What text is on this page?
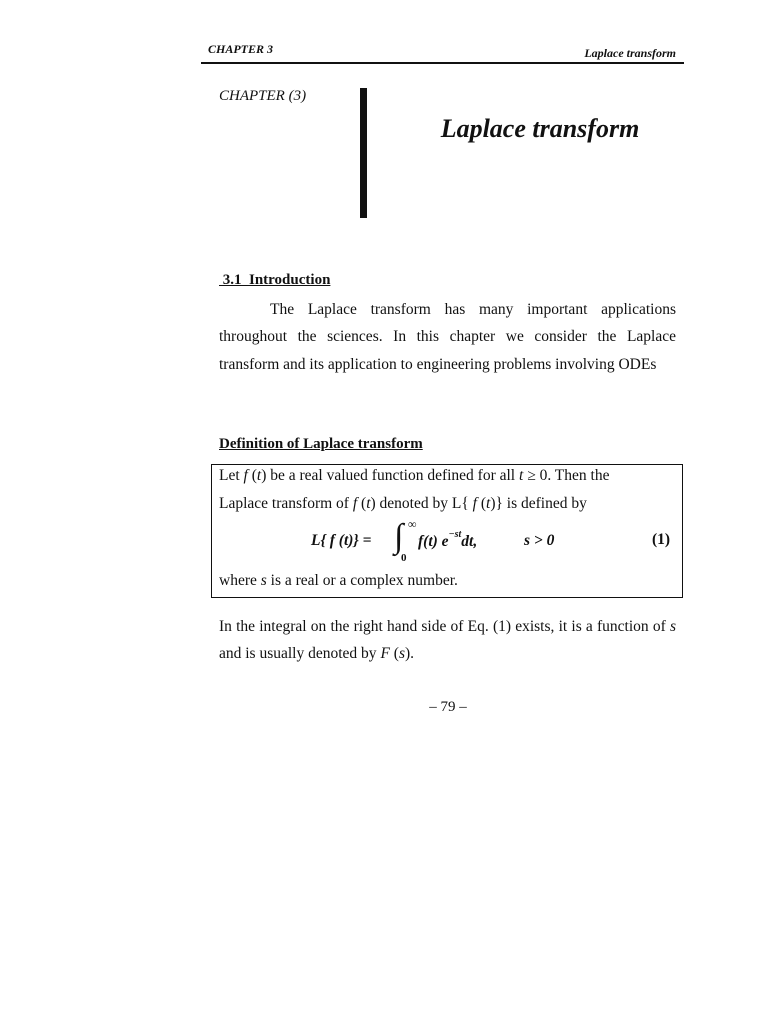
CHAPTER 3	Laplace transform
CHAPTER (3)
Laplace transform
3.1  Introduction
The Laplace transform has many important applications throughout the sciences. In this chapter we consider the Laplace transform and its application to engineering problems involving ODEs
Definition of Laplace transform
Let f (t) be a real valued function defined for all t ≥ 0. Then the
Laplace transform of f (t) denoted by L{ f (t)} is defined by
L{ f (t)} = ∫ ∞
0
f(t) $e^{-st}dt$,	s > 0	(1)
where s is a real or a complex number.
In the integral on the right hand side of Eq. (1) exists, it is a function of s and is usually denoted by F (s).
– 79 –
